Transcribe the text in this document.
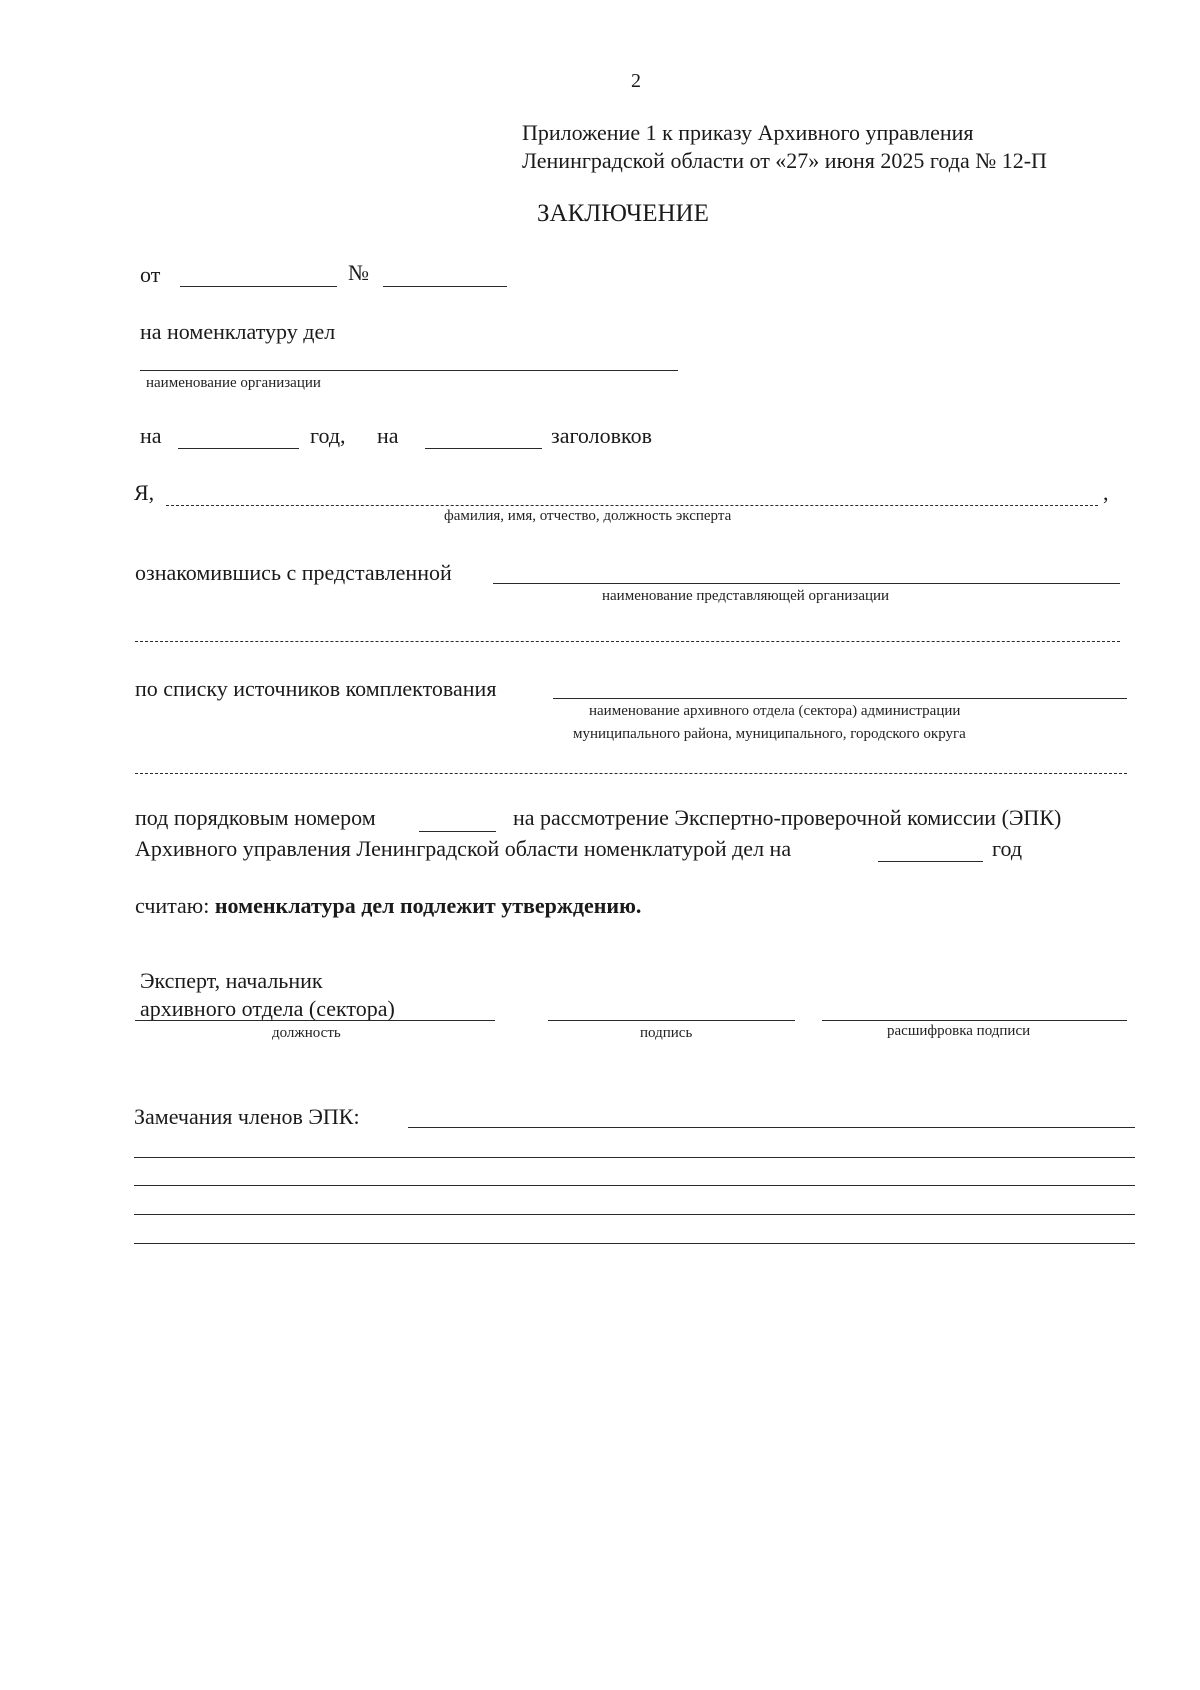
2
Приложение 1 к приказу Архивного управления
Ленинградской области от «27» июня 2025 года № 12-П
ЗАКЛЮЧЕНИЕ
от	№
на номенклатуру дел
наименование организации
на	год, на	заголовков
Я,	,
фамилия, имя, отчество, должность эксперта
ознакомившись с представленной
наименование представляющей организации
по списку источников комплектования
наименование архивного отдела (сектора) администрации
муниципального района, муниципального, городского округа
под порядковым номером	на рассмотрение Экспертно-проверочной комиссии (ЭПК)
Архивного управления Ленинградской области номенклатурой дел на	год
считаю: номенклатура дел подлежит утверждению.
Эксперт, начальник
архивного отдела (сектора)
должность	подпись	расшифровка подписи
Замечания членов ЭПК:
